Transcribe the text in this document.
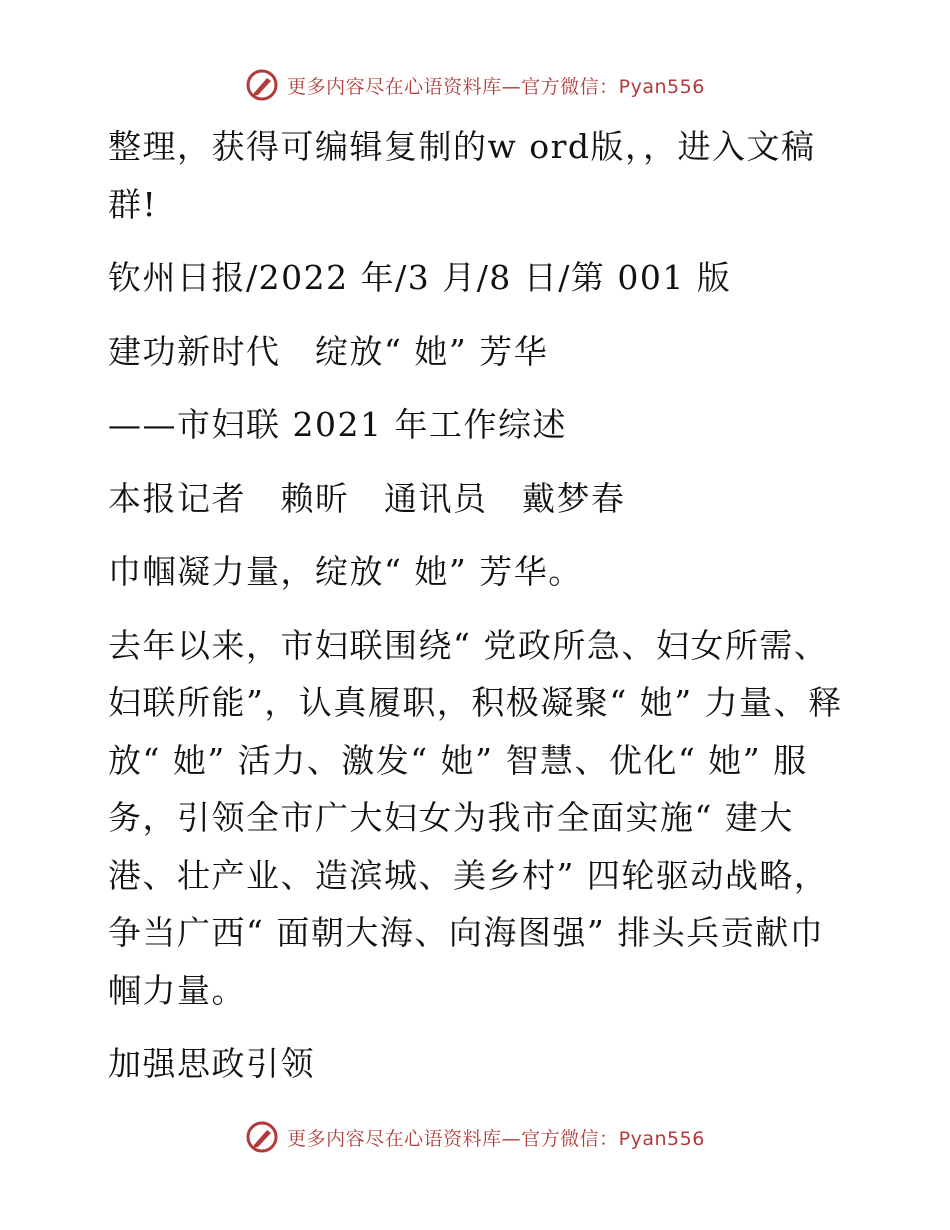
更多内容尽在心语资料库—官方微信：Pyan556

整理，获得可编辑复制的w ord版，，进入文稿群!

钦州日报/2022 年/3 月/8 日/第 001 版

建功新时代　绽放“ 她” 芳华

——市妇联 2021 年工作综述

本报记者　赖昕　通讯员　戴梦春

巾帼凝力量，绽放“ 她” 芳华。

去年以来，市妇联围绕“ 党政所急、妇女所需、妇联所能”，认真履职，积极凝聚“ 她” 力量、释放“ 她” 活力、激发“ 她” 智慧、优化“ 她” 服务，引领全市广大妇女为我市全面实施“ 建大港、壮产业、造滨城、美乡村” 四轮驱动战略，争当广西“ 面朝大海、向海图强” 排头兵贡献巾帼力量。

加强思政引领

更多内容尽在心语资料库—官方微信：Pyan556
